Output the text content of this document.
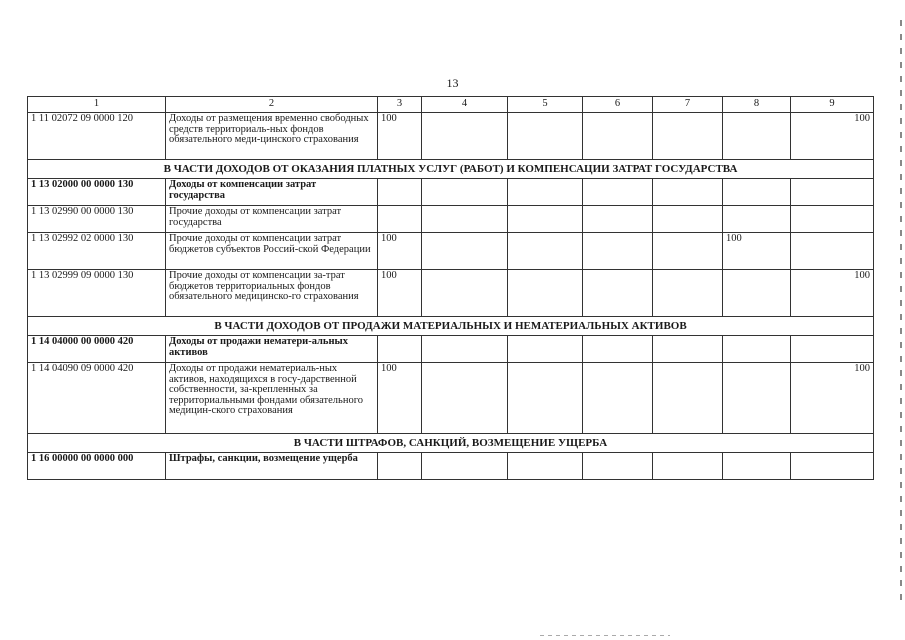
13
1	2	3	4	5	6	7	8	9
1 11 02072 09 0000 120	Доходы от размещения временно свободных средств территориаль-ных фондов обязательного меди-цинского страхования	100						100
В ЧАСТИ ДОХОДОВ ОТ ОКАЗАНИЯ ПЛАТНЫХ УСЛУГ (РАБОТ) И КОМПЕНСАЦИИ ЗАТРАТ ГОСУДАРСТВА								
1 13 02000 00 0000 130	Доходы от компенсации затрат государства							
1 13 02990 00 0000 130	Прочие доходы от компенсации затрат государства							
1 13 02992 02 0000 130	Прочие доходы от компенсации затрат бюджетов субъектов Россий-ской Федерации	100					100	
1 13 02999 09 0000 130	Прочие доходы от компенсации за-трат бюджетов территориальных фондов обязательного медицинско-го страхования	100						100
В ЧАСТИ ДОХОДОВ ОТ ПРОДАЖИ МАТЕРИАЛЬНЫХ И НЕМАТЕРИАЛЬНЫХ АКТИВОВ								
1 14 04000 00 0000 420	Доходы от продажи нематери-альных активов							
1 14 04090 09 0000 420	Доходы от продажи нематериаль-ных активов, находящихся в госу-дарственной собственности, за-крепленных за территориальными фондами обязательного медицин-ского страхования	100						100
В ЧАСТИ ШТРАФОВ, САНКЦИЙ, ВОЗМЕЩЕНИЕ УЩЕРБА								
1 16 00000 00 0000 000	Штрафы, санкции, возмещение ущерба							
